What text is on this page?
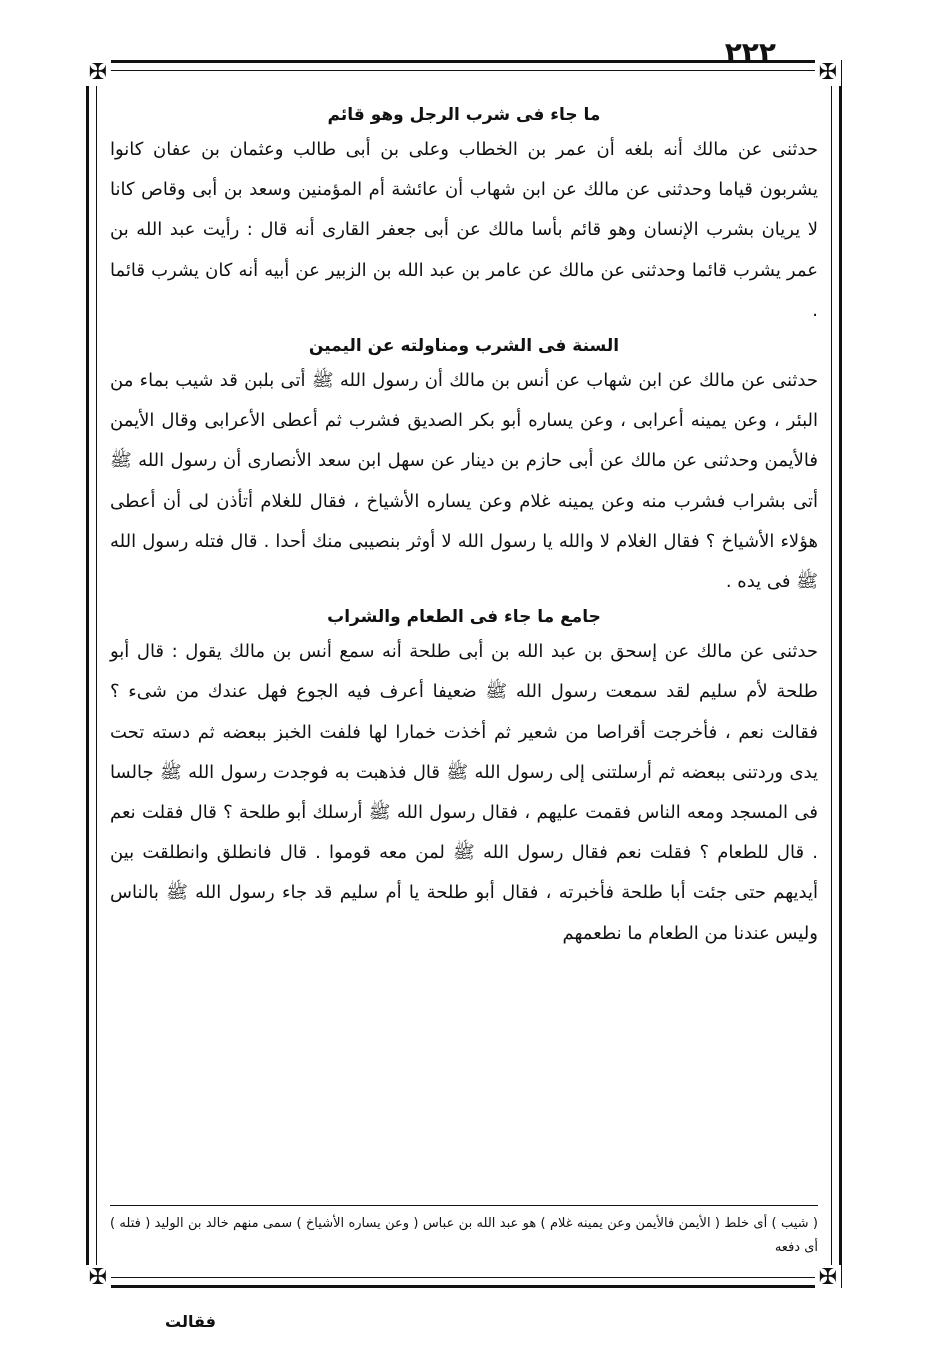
٢٢٢
✠	✠
✠	✠
ما جاء فى شرب الرجل وهو قائم

حدثنى عن مالك أنه بلغه أن عمر بن الخطاب وعلى بن أبى طالب وعثمان بن عفان كانوا يشربون قياما وحدثنى عن مالك عن ابن شهاب أن عائشة أم المؤمنين وسعد بن أبى وقاص كانا لا يريان بشرب الإنسان وهو قائم بأسا مالك عن أبى جعفر القارى أنه قال : رأيت عبد الله بن عمر يشرب قائما وحدثنى عن مالك عن عامر بن عبد الله بن الزبير عن أبيه أنه كان يشرب قائما .

السنة فى الشرب ومناولته عن اليمين

حدثنى عن مالك عن ابن شهاب عن أنس بن مالك أن رسول الله ﷺ أتى بلبن قد شيب بماء من البئر ، وعن يمينه أعرابى ، وعن يساره أبو بكر الصديق فشرب ثم أعطى الأعرابى وقال الأيمن فالأيمن وحدثنى عن مالك عن أبى حازم بن دينار عن سهل ابن سعد الأنصارى أن رسول الله ﷺ أتى بشراب فشرب منه وعن يمينه غلام وعن يساره الأشياخ ، فقال للغلام أتأذن لى أن أعطى هؤلاء الأشياخ ؟ فقال الغلام لا والله يا رسول الله لا أوثر بنصيبى منك أحدا . قال فتله رسول الله ﷺ فى يده .

جامع ما جاء فى الطعام والشراب

حدثنى عن مالك عن إسحق بن عبد الله بن أبى طلحة أنه سمع أنس بن مالك يقول : قال أبو طلحة لأم سليم لقد سمعت رسول الله ﷺ ضعيفا أعرف فيه الجوع فهل عندك من شىء ؟ فقالت نعم ، فأخرجت أقراصا من شعير ثم أخذت خمارا لها فلفت الخبز ببعضه ثم دسته تحت يدى وردتنى ببعضه ثم أرسلتنى إلى رسول الله ﷺ قال فذهبت به فوجدت رسول الله ﷺ جالسا فى المسجد ومعه الناس فقمت عليهم ، فقال رسول الله ﷺ أرسلك أبو طلحة ؟ قال فقلت نعم . قال للطعام ؟ فقلت نعم فقال رسول الله ﷺ لمن معه قوموا . قال فانطلق وانطلقت بين أيديهم حتى جئت أبا طلحة فأخبرته ، فقال أبو طلحة يا أم سليم قد جاء رسول الله ﷺ بالناس وليس عندنا من الطعام ما نطعمهم

( شيب ) أى خلط ( الأيمن فالأيمن وعن يمينه غلام ) هو عبد الله بن عباس ( وعن يساره الأشياخ ) سمى منهم خالد بن الوليد ( فتله ) أى دفعه
فقالت
